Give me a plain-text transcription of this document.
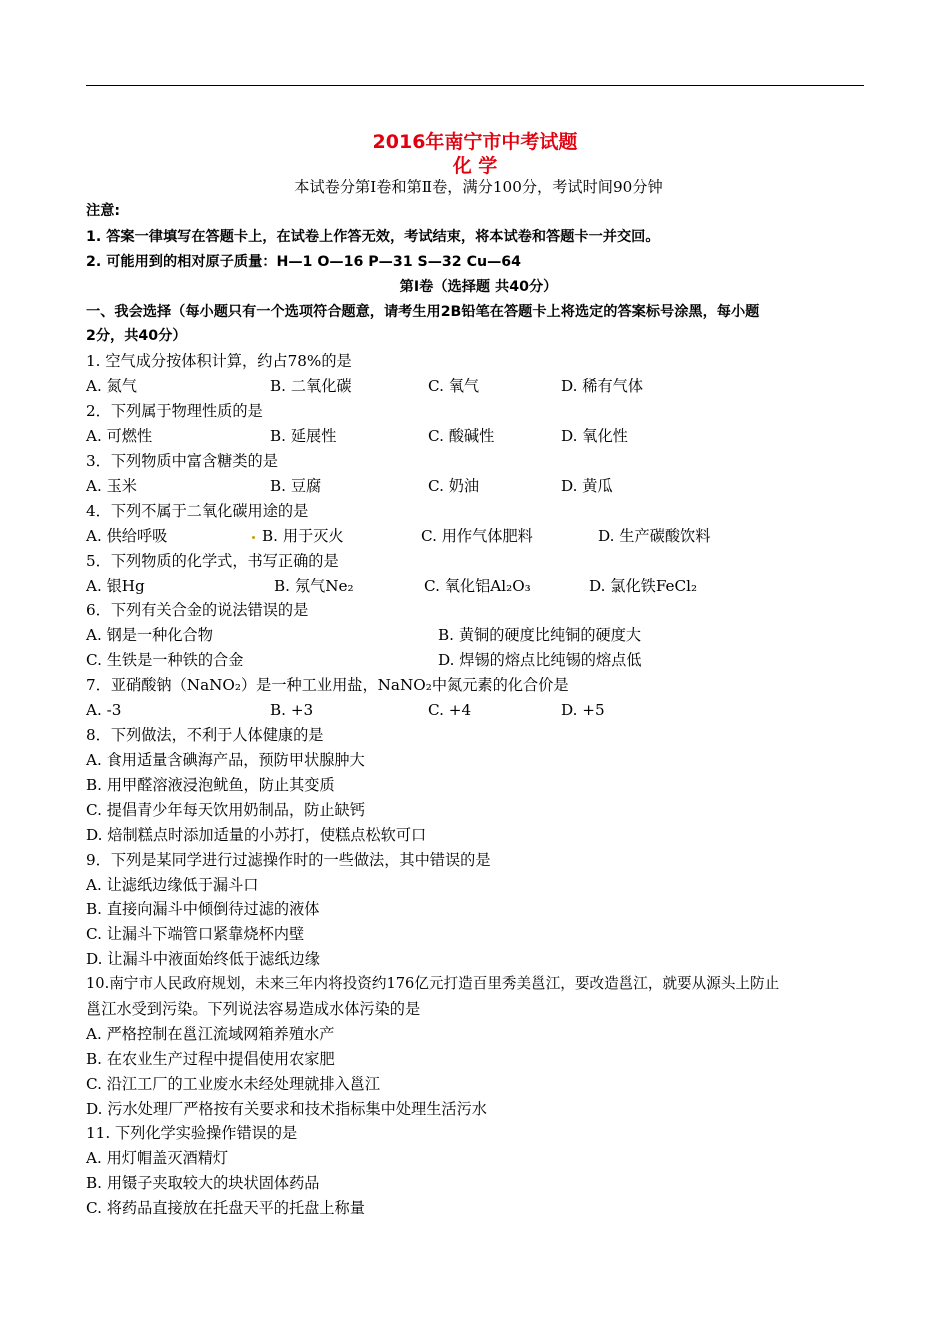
2016年南宁市中考试题
化 学
本试卷分第Ⅰ卷和第Ⅱ卷，满分100分，考试时间90分钟
注意:
1. 答案一律填写在答题卡上，在试卷上作答无效，考试结束，将本试卷和答题卡一并交回。
2. 可能用到的相对原子质量：H—1 O—16 P—31 S—32 Cu—64
第Ⅰ卷（选择题 共40分）
一、我会选择（每小题只有一个选项符合题意，请考生用2B铅笔在答题卡上将选定的答案标号涂黑，每小题
2分，共40分）
1. 空气成分按体积计算，约占78%的是
A. 氮气	B. 二氧化碳	C. 氧气	D. 稀有气体
2．下列属于物理性质的是
A. 可燃性	B. 延展性	C. 酸碱性	D. 氧化性
3．下列物质中富含糖类的是
A. 玉米	B. 豆腐	C. 奶油	D. 黄瓜
4．下列不属于二氧化碳用途的是
A. 供给呼吸	B. 用于灭火	C. 用作气体肥料	D. 生产碳酸饮料
5．下列物质的化学式，书写正确的是
A. 银Hg	B. 氖气Ne₂	C. 氧化铝Al₂O₃	D. 氯化铁FeCl₂
6．下列有关合金的说法错误的是
A. 钢是一种化合物	B. 黄铜的硬度比纯铜的硬度大
C. 生铁是一种铁的合金	D. 焊锡的熔点比纯锡的熔点低
7．亚硝酸钠（NaNO₂）是一种工业用盐，NaNO₂中氮元素的化合价是
A. -3	B. +3	C. +4	D. +5
8．下列做法，不利于人体健康的是
A. 食用适量含碘海产品，预防甲状腺肿大
B. 用甲醛溶液浸泡鱿鱼，防止其变质
C. 提倡青少年每天饮用奶制品，防止缺钙
D. 焙制糕点时添加适量的小苏打，使糕点松软可口
9．下列是某同学进行过滤操作时的一些做法，其中错误的是
A. 让滤纸边缘低于漏斗口
B. 直接向漏斗中倾倒待过滤的液体
C. 让漏斗下端管口紧靠烧杯内壁
D. 让漏斗中液面始终低于滤纸边缘
10.南宁市人民政府规划，未来三年内将投资约176亿元打造百里秀美邕江，要改造邕江，就要从源头上防止
邕江水受到污染。下列说法容易造成水体污染的是
A. 严格控制在邕江流域网箱养殖水产
B. 在农业生产过程中提倡使用农家肥
C. 沿江工厂的工业废水未经处理就排入邕江
D. 污水处理厂严格按有关要求和技术指标集中处理生活污水
11. 下列化学实验操作错误的是
A. 用灯帽盖灭酒精灯
B. 用镊子夹取较大的块状固体药品
C. 将药品直接放在托盘天平的托盘上称量
